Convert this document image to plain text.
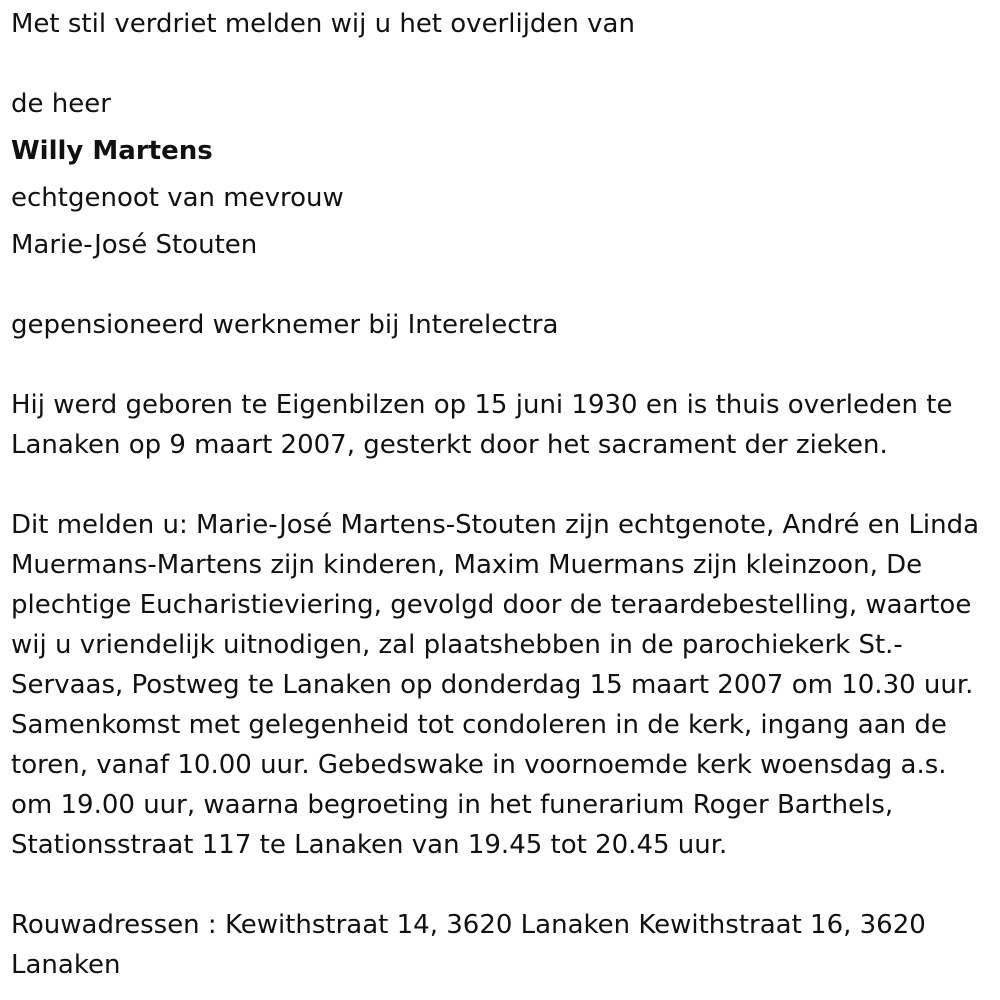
Met stil verdriet melden wij u het overlijden van
de heer
Willy Martens
echtgenoot van mevrouw
Marie-José Stouten
gepensioneerd werknemer bij Interelectra
Hij werd geboren te Eigenbilzen op 15 juni 1930 en is thuis overleden te Lanaken op 9 maart 2007, gesterkt door het sacrament der zieken.
Dit melden u: Marie-José Martens-Stouten zijn echtgenote, André en Linda Muermans-Martens zijn kinderen, Maxim Muermans zijn kleinzoon, De plechtige Eucharistieviering, gevolgd door de teraardebestelling, waartoe wij u vriendelijk uitnodigen, zal plaatshebben in de parochiekerk St.-Servaas, Postweg te Lanaken op donderdag 15 maart 2007 om 10.30 uur. Samenkomst met gelegenheid tot condoleren in de kerk, ingang aan de toren, vanaf 10.00 uur. Gebedswake in voornoemde kerk woensdag a.s. om 19.00 uur, waarna begroeting in het funerarium Roger Barthels, Stationsstraat 117 te Lanaken van 19.45 tot 20.45 uur.
Rouwadressen : Kewithstraat 14, 3620 Lanaken Kewithstraat 16, 3620 Lanaken
